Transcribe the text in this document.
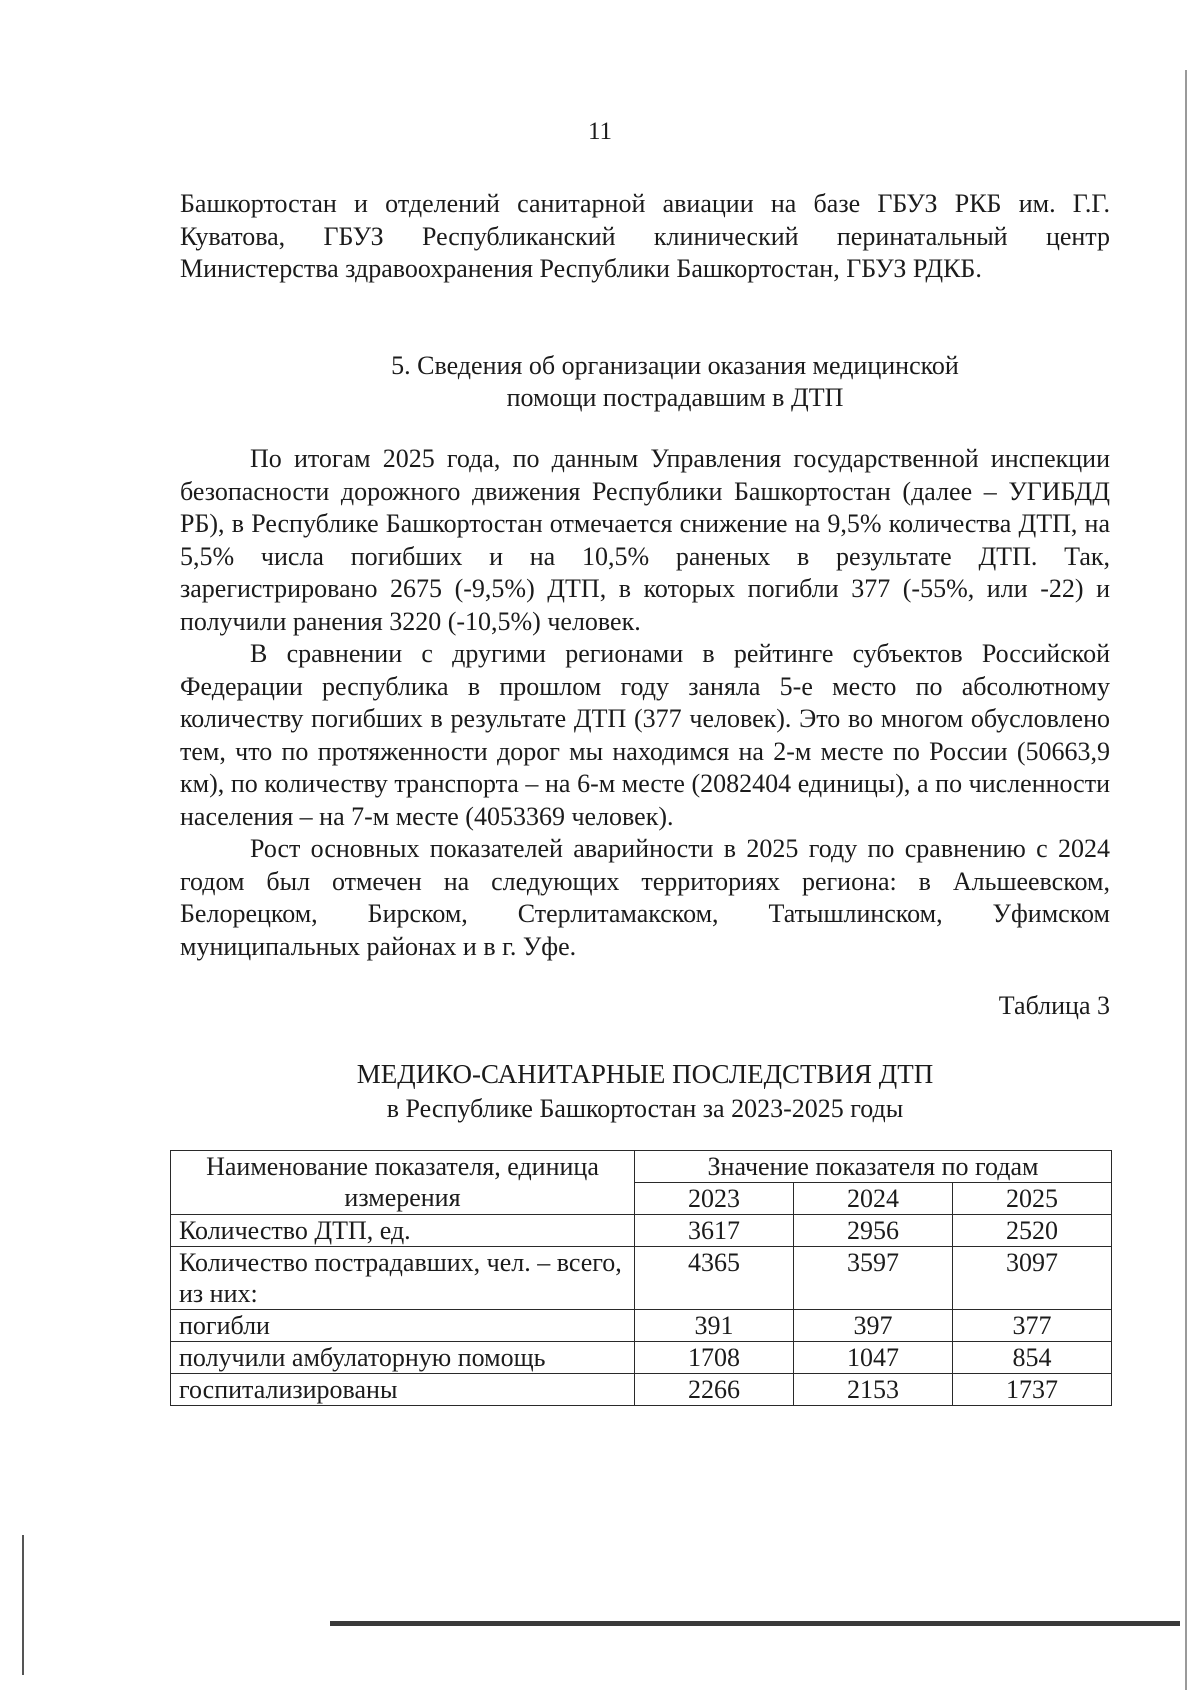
11

Башкортостан и отделений санитарной авиации на базе ГБУЗ РКБ им. Г.Г. Куватова, ГБУЗ Республиканский клинический перинатальный центр Министерства здравоохранения Республики Башкортостан, ГБУЗ РДКБ.

5. Сведения об организации оказания медицинской
помощи пострадавшим в ДТП

По итогам 2025 года, по данным Управления государственной инспекции безопасности дорожного движения Республики Башкортостан (далее – УГИБДД РБ), в Республике Башкортостан отмечается снижение на 9,5% количества ДТП, на 5,5% числа погибших и на 10,5% раненых в результате ДТП. Так, зарегистрировано 2675 (-9,5%) ДТП, в которых погибли 377 (-55%, или -22) и получили ранения 3220 (-10,5%) человек.

В сравнении с другими регионами в рейтинге субъектов Российской Федерации республика в прошлом году заняла 5-е место по абсолютному количеству погибших в результате ДТП (377 человек). Это во многом обусловлено тем, что по протяженности дорог мы находимся на 2-м месте по России (50663,9 км), по количеству транспорта – на 6-м месте (2082404 единицы), а по численности населения – на 7-м месте (4053369 человек).

Рост основных показателей аварийности в 2025 году по сравнению с 2024 годом был отмечен на следующих территориях региона: в Альшеевском, Белорецком, Бирском, Стерлитамакском, Татышлинском, Уфимском муниципальных районах и в г. Уфе.

Таблица 3
МЕДИКО-САНИТАРНЫЕ ПОСЛЕДСТВИЯ ДТП
в Республике Башкортостан за 2023-2025 годы
Наименование показателя, единица измерения	Значение показателя по годам		
	2023	2024	2025
Количество ДТП, ед.	3617	2956	2520
Количество пострадавших, чел. – всего, из них:	4365	3597	3097
погибли	391	397	377
получили амбулаторную помощь	1708	1047	854
госпитализированы	2266	2153	1737
